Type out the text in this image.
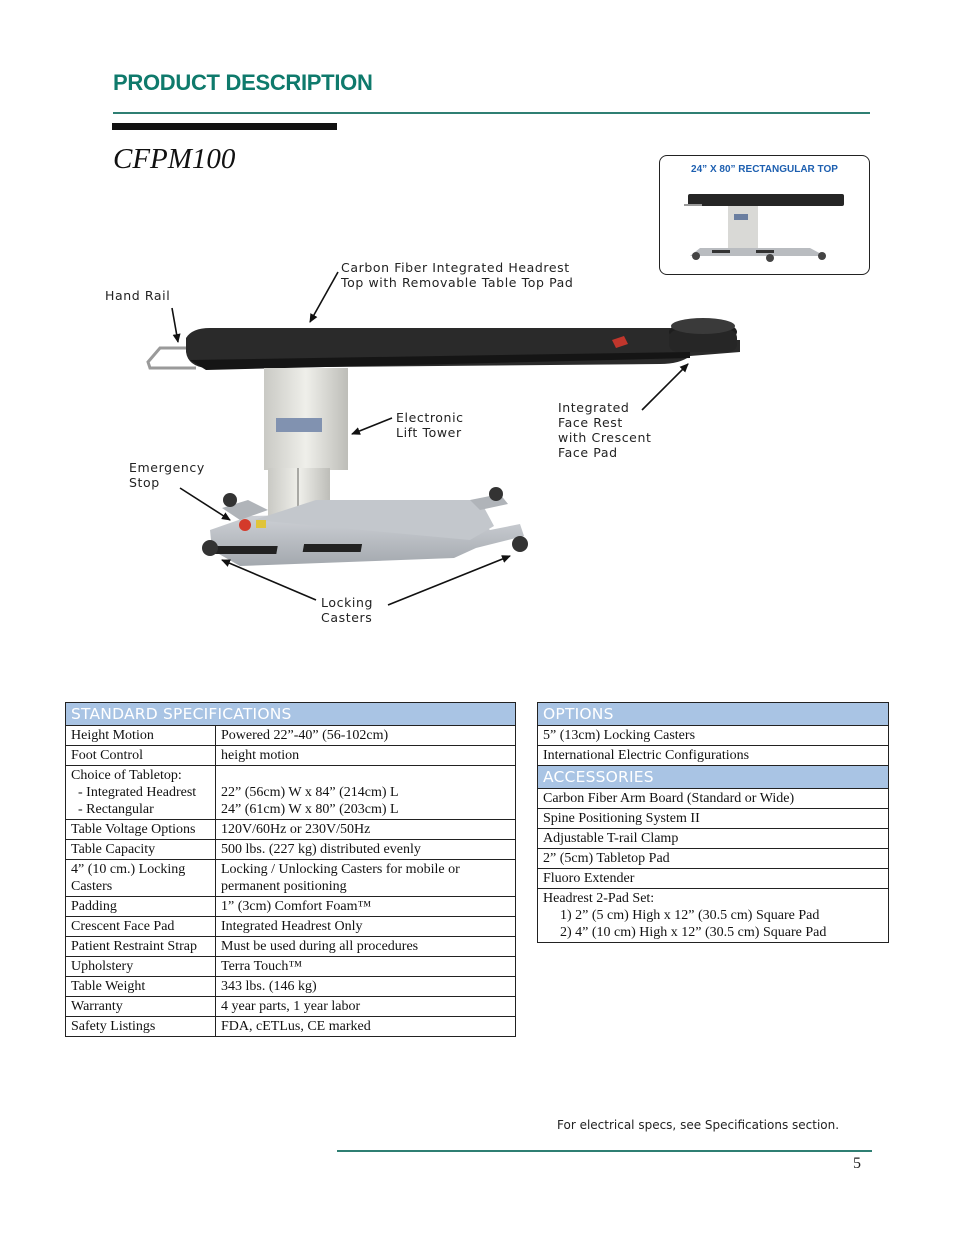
PRODUCT DESCRIPTION
CFPM100	24” X 80” RECTANGULAR TOP
Carbon Fiber Integrated Headrest
Top with Removable Table Top Pad
Hand Rail
Electronic
Lift Tower
Integrated
Face Rest
with Crescent
Face Pad
Emergency
Stop
Locking
Casters
STANDARD SPECIFICATIONS	
Height Motion	Powered 22”-40” (56-102cm)
Foot Control	height motion

Choice of Tabletop:
- Integrated Headrest
- Rectangular	22” (56cm) W x 84” (214cm) L
24” (61cm) W x 80” (203cm) L

Table Voltage Options	120V/60Hz or 230V/50Hz
Table Capacity	500 lbs. (227 kg) distributed evenly
4” (10 cm.) Locking Casters	Locking / Unlocking Casters for mobile or permanent positioning
Padding	1” (3cm) Comfort Foam™
Crescent Face Pad	Integrated Headrest Only
Patient Restraint Strap	Must be used during all procedures
Upholstery	Terra Touch™
Table Weight	343 lbs. (146 kg)
Warranty	4 year parts, 1 year labor
Safety Listings	FDA, cETLus, CE marked
OPTIONS
5” (13cm) Locking Casters
International Electric Configurations
ACCESSORIES
Carbon Fiber Arm Board (Standard or Wide)
Spine Positioning System II
Adjustable T-rail Clamp
2” (5cm) Tabletop Pad
Fluoro Extender

Headrest 2-Pad Set:
1) 2” (5 cm) High x 12” (30.5 cm) Square Pad
2) 4” (10 cm) High x 12” (30.5 cm) Square Pad
For electrical specs, see Specifications section.
5
